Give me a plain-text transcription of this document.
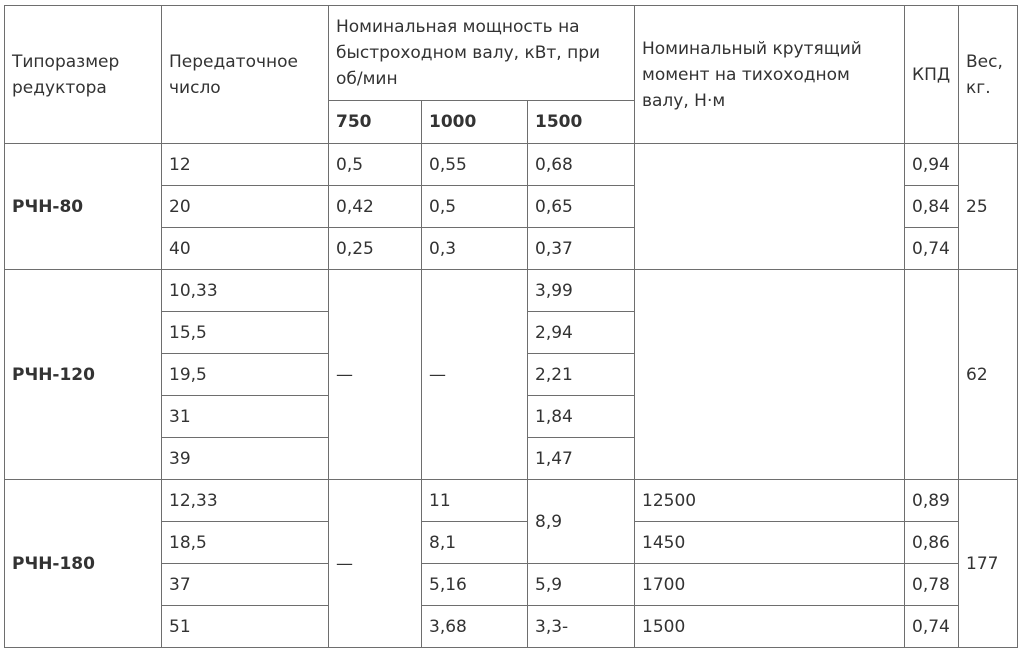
Типоразмер редуктора	Передаточное число	Номинальная мощность на быстроходном валу, кВт, при об/мин			Номинальный крутящий момент на тихоходном валу, Н·м	КПД	Вес, кг.
		750	1000	1500			
РЧН-80	12	0,5	0,55	0,68		0,94	25
	20	0,42	0,5	0,65		0,84	
	40	0,25	0,3	0,37		0,74	
РЧН-120	10,33	—	—	3,99			62
	15,5			2,94			
	19,5			2,21			
	31			1,84			
	39			1,47			
РЧН-180	12,33	—	11	8,9	12500	0,89	177
	18,5		8,1		1450	0,86	
	37		5,16	5,9	1700	0,78	
	51		3,68	3,3-	1500	0,74	
